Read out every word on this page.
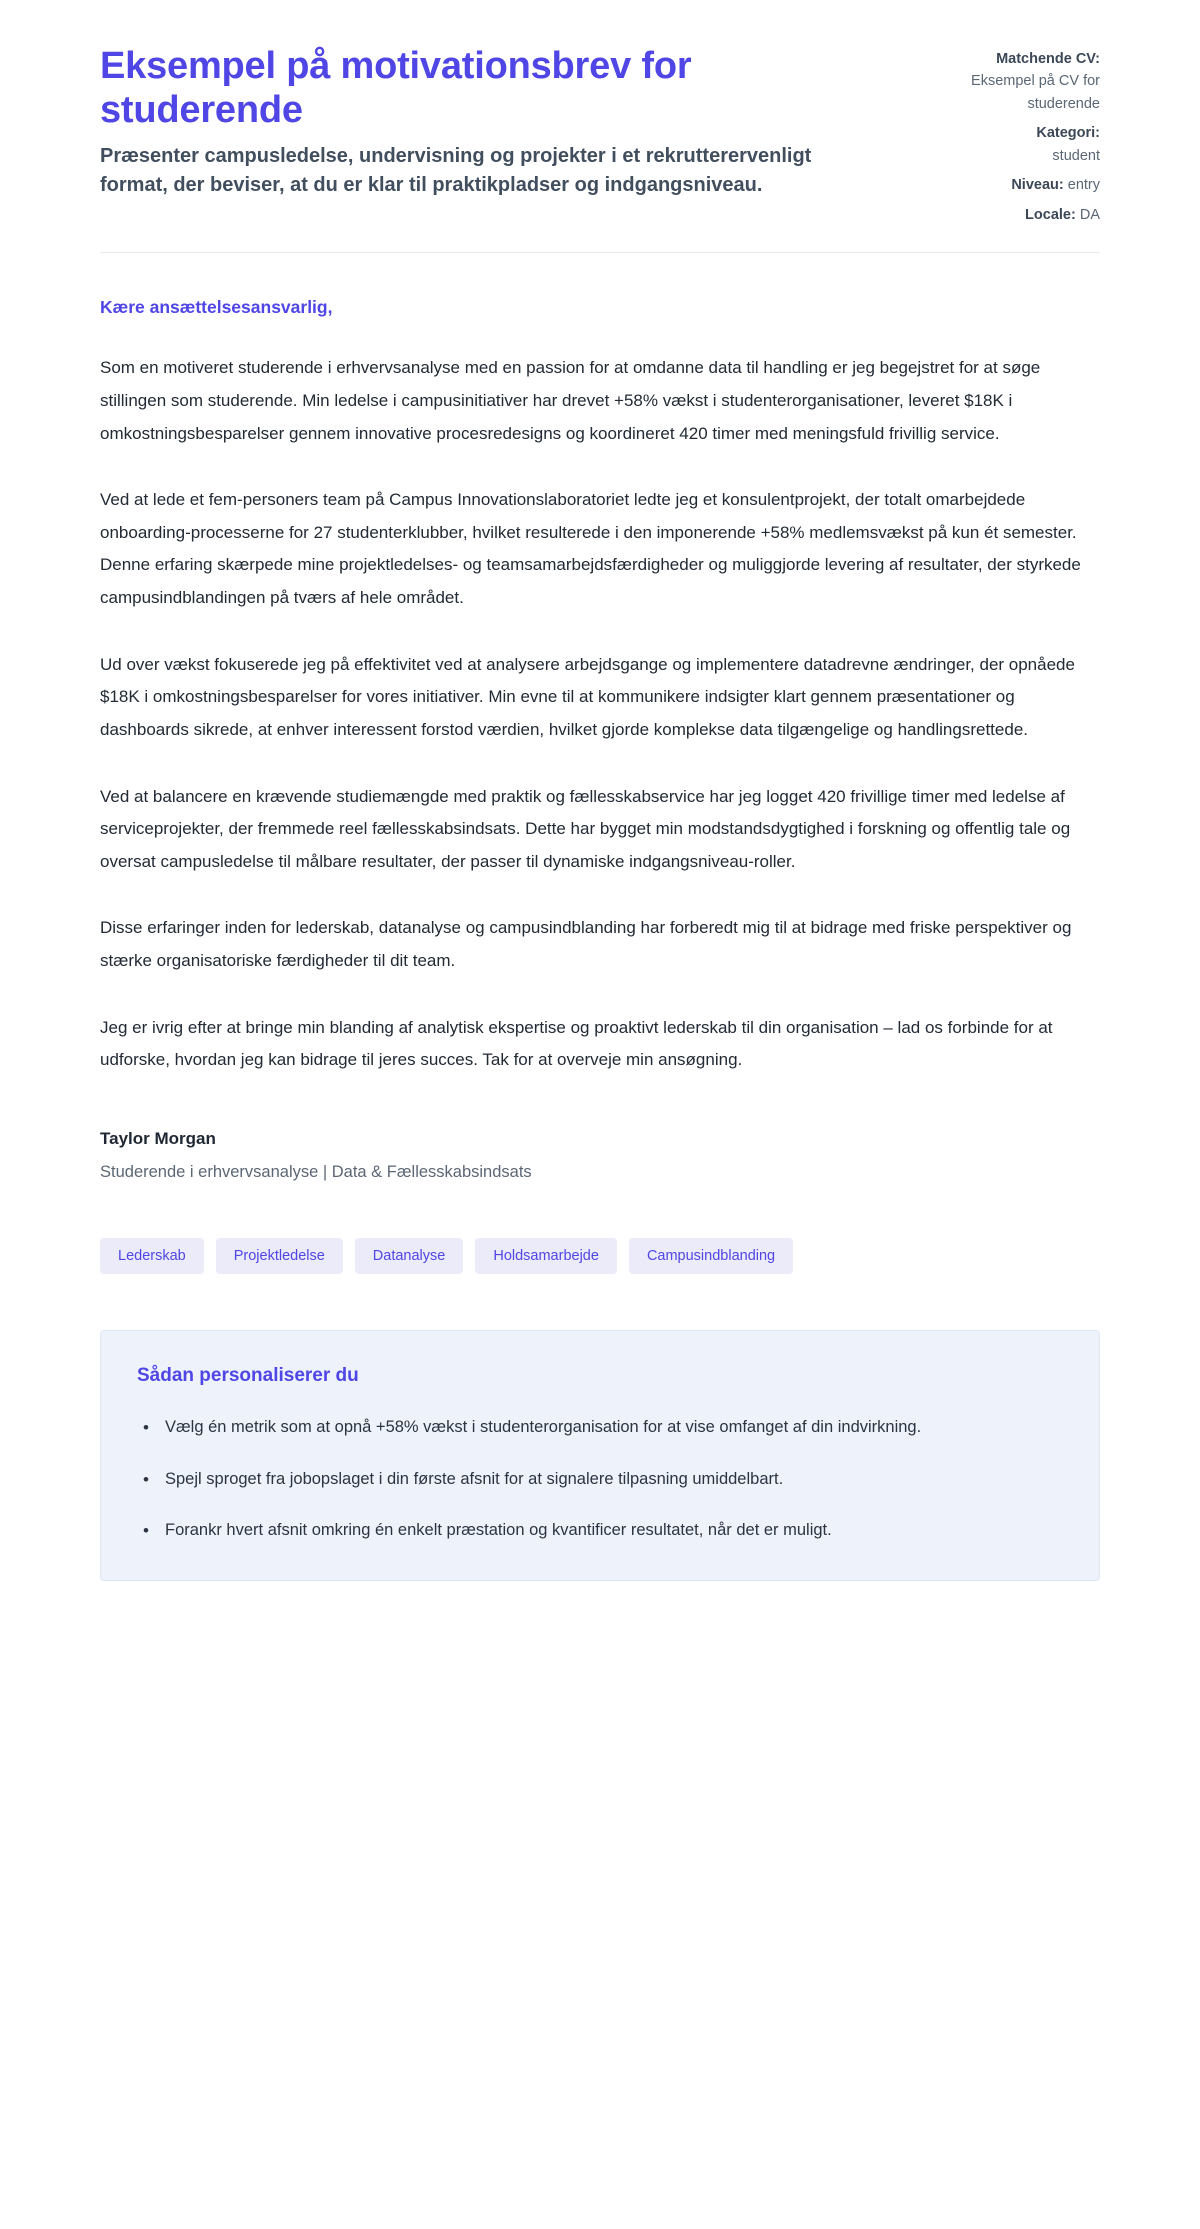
Eksempel på motivationsbrev for studerende

Præsenter campusledelse, undervisning og projekter i et rekrutterervenligt format, der beviser, at du er klar til praktikpladser og indgangsniveau.

Matchende CV:
Eksempel på CV for studerende
Kategori:
student
Niveau: entry
Locale: DA

Kære ansættelsesansvarlig,

Som en motiveret studerende i erhvervsanalyse med en passion for at omdanne data til handling er jeg begejstret for at søge stillingen som studerende. Min ledelse i campusinitiativer har drevet +58% vækst i studenterorganisationer, leveret $18K i omkostningsbesparelser gennem innovative procesredesigns og koordineret 420 timer med meningsfuld frivillig service.

Ved at lede et fem-personers team på Campus Innovationslaboratoriet ledte jeg et konsulentprojekt, der totalt omarbejdede onboarding-processerne for 27 studenterklubber, hvilket resulterede i den imponerende +58% medlemsvækst på kun ét semester. Denne erfaring skærpede mine projektledelses- og teamsamarbejdsfærdigheder og muliggjorde levering af resultater, der styrkede campusindblandingen på tværs af hele området.

Ud over vækst fokuserede jeg på effektivitet ved at analysere arbejdsgange og implementere datadrevne ændringer, der opnåede $18K i omkostningsbesparelser for vores initiativer. Min evne til at kommunikere indsigter klart gennem præsentationer og dashboards sikrede, at enhver interessent forstod værdien, hvilket gjorde komplekse data tilgængelige og handlingsrettede.

Ved at balancere en krævende studiemængde med praktik og fællesskabservice har jeg logget 420 frivillige timer med ledelse af serviceprojekter, der fremmede reel fællesskabsindsats. Dette har bygget min modstandsdygtighed i forskning og offentlig tale og oversat campusledelse til målbare resultater, der passer til dynamiske indgangsniveau-roller.

Disse erfaringer inden for lederskab, datanalyse og campusindblanding har forberedt mig til at bidrage med friske perspektiver og stærke organisatoriske færdigheder til dit team.

Jeg er ivrig efter at bringe min blanding af analytisk ekspertise og proaktivt lederskab til din organisation – lad os forbinde for at udforske, hvordan jeg kan bidrage til jeres succes. Tak for at overveje min ansøgning.

Taylor Morgan

Studerende i erhvervsanalyse | Data & Fællesskabsindsats

Lederskab	Projektledelse	Datanalyse	Holdsamarbejde	Campusindblanding
Sådan personaliserer du
• Vælg én metrik som at opnå +58% vækst i studenterorganisation for at vise omfanget af din indvirkning.
• Spejl sproget fra jobopslaget i din første afsnit for at signalere tilpasning umiddelbart.
• Forankr hvert afsnit omkring én enkelt præstation og kvantificer resultatet, når det er muligt.
